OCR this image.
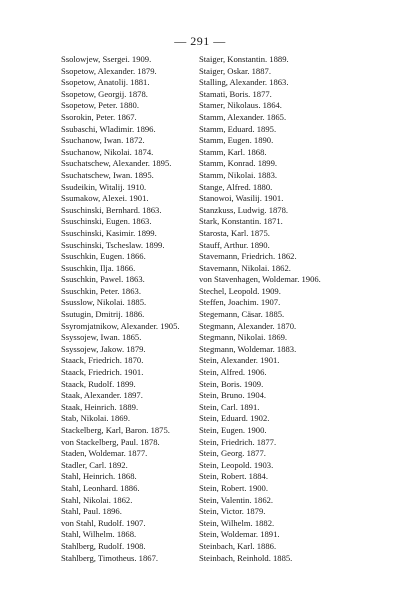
— 291 —
Ssolowjew, Ssergei. 1909.
Ssopetow, Alexander. 1879.
Ssopetow, Anatolij. 1881.
Ssopetow, Georgij. 1878.
Ssopetow, Peter. 1880.
Ssorokin, Peter. 1867.
Ssubaschi, Wladimir. 1896.
Ssuchanow, Iwan. 1872.
Ssuchanow, Nikolai. 1874.
Ssuchatschew, Alexander. 1895.
Ssuchatschew, Iwan. 1895.
Ssudeikin, Witalij. 1910.
Ssumakow, Alexei. 1901.
Ssuschinski, Bernhard. 1863.
Ssuschinski, Eugen. 1863.
Ssuschinski, Kasimir. 1899.
Ssuschinski, Tscheslaw. 1899.
Ssuschkin, Eugen. 1866.
Ssuschkin, Ilja. 1866.
Ssuschkin, Pawel. 1863.
Ssuschkin, Peter. 1863.
Ssusslow, Nikolai. 1885.
Ssutugin, Dmitrij. 1886.
Ssyromjatnikow, Alexander. 1905.
Ssyssojew, Iwan. 1865.
Ssyssojew, Jakow. 1879.
Staack, Friedrich. 1870.
Staack, Friedrich. 1901.
Staack, Rudolf. 1899.
Staak, Alexander. 1897.
Staak, Heinrich. 1889.
Stab, Nikolai. 1869.
Stackelberg, Karl, Baron. 1875.
von Stackelberg, Paul. 1878.
Staden, Woldemar. 1877.
Stadler, Carl. 1892.
Stahl, Heinrich. 1868.
Stahl, Leonhard. 1886.
Stahl, Nikolai. 1862.
Stahl, Paul. 1896.
von Stahl, Rudolf. 1907.
Stahl, Wilhelm. 1868.
Stahlberg, Rudolf. 1908.
Stahlberg, Timotheus. 1867.
Staiger, Konstantin. 1889.
Staiger, Oskar. 1887.
Stalling, Alexander. 1863.
Stamati, Boris. 1877.
Stamer, Nikolaus. 1864.
Stamm, Alexander. 1865.
Stamm, Eduard. 1895.
Stamm, Eugen. 1890.
Stamm, Karl. 1868.
Stamm, Konrad. 1899.
Stamm, Nikolai. 1883.
Stange, Alfred. 1880.
Stanowoi, Wasilij. 1901.
Stanzkuss, Ludwig. 1878.
Stark, Konstantin. 1871.
Starosta, Karl. 1875.
Stauff, Arthur. 1890.
Stavemann, Friedrich. 1862.
Stavemann, Nikolai. 1862.
von Stavenhagen, Woldemar. 1906.
Stechel, Leopold. 1909.
Steffen, Joachim. 1907.
Stegemann, Cäsar. 1885.
Stegmann, Alexander. 1870.
Stegmann, Nikolai. 1869.
Stegmann, Woldemar. 1883.
Stein, Alexander. 1901.
Stein, Alfred. 1906.
Stein, Boris. 1909.
Stein, Bruno. 1904.
Stein, Carl. 1891.
Stein, Eduard. 1902.
Stein, Eugen. 1900.
Stein, Friedrich. 1877.
Stein, Georg. 1877.
Stein, Leopold. 1903.
Stein, Robert. 1884.
Stein, Robert. 1900.
Stein, Valentin. 1862.
Stein, Victor. 1879.
Stein, Wilhelm. 1882.
Stein, Woldemar. 1891.
Steinbach, Karl. 1886.
Steinbach, Reinhold. 1885.
